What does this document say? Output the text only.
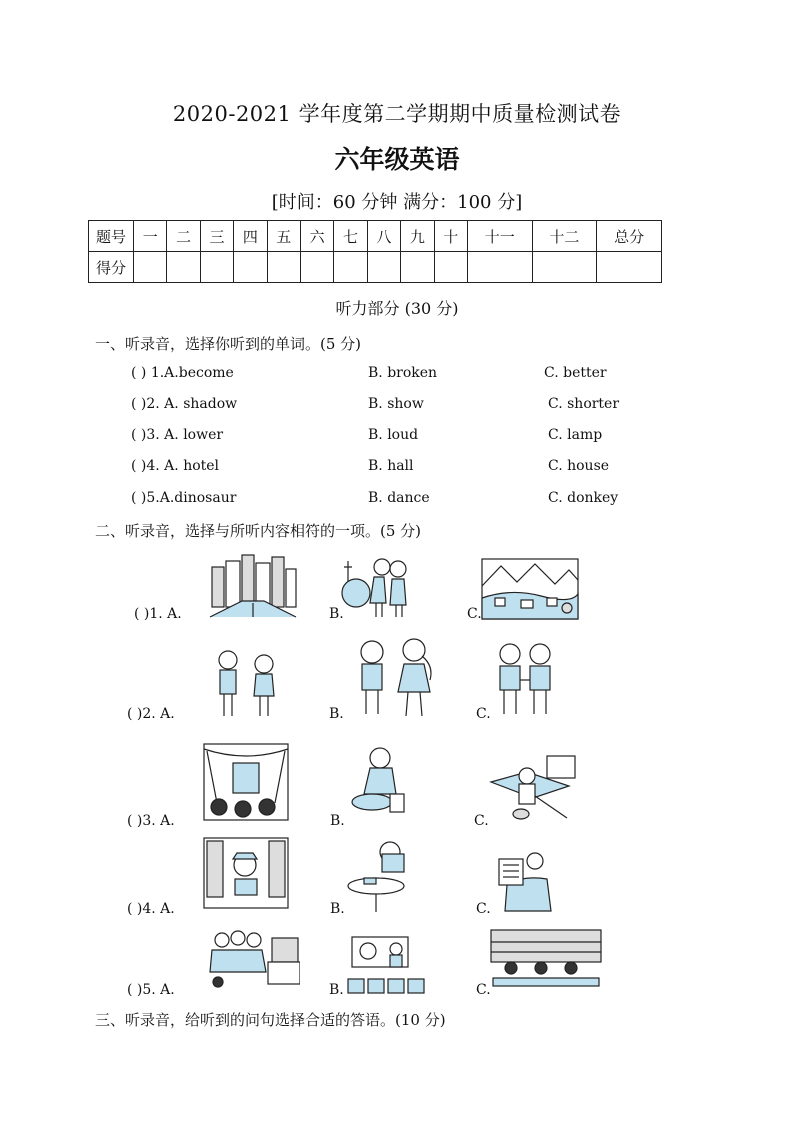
2020-2021 学年度第二学期期中质量检测试卷
六年级英语
[时间：60 分钟 满分：100 分]
题号	一	二	三	四	五	六	七	八	九	十	十一	十二	总分
得分													
听力部分 (30 分)
一、听录音，选择你听到的单词。(5 分)
( ) 1.A.become	B. broken	C. better
( )2. A. shadow	B. show	C. shorter
( )3. A. lower	B. loud	C. lamp
( )4. A. hotel	B. hall	C. house
( )5.A.dinosaur	B. dance	C. donkey
二、听录音，选择与所听内容相符的一项。(5 分)
( )1. A.	B.	C.
( )2. A.	B.	C.
( )3. A.	B.	C.
( )4. A.	B.	C.
( )5. A.	B.	C.
三、听录音，给听到的问句选择合适的答语。(10 分)
